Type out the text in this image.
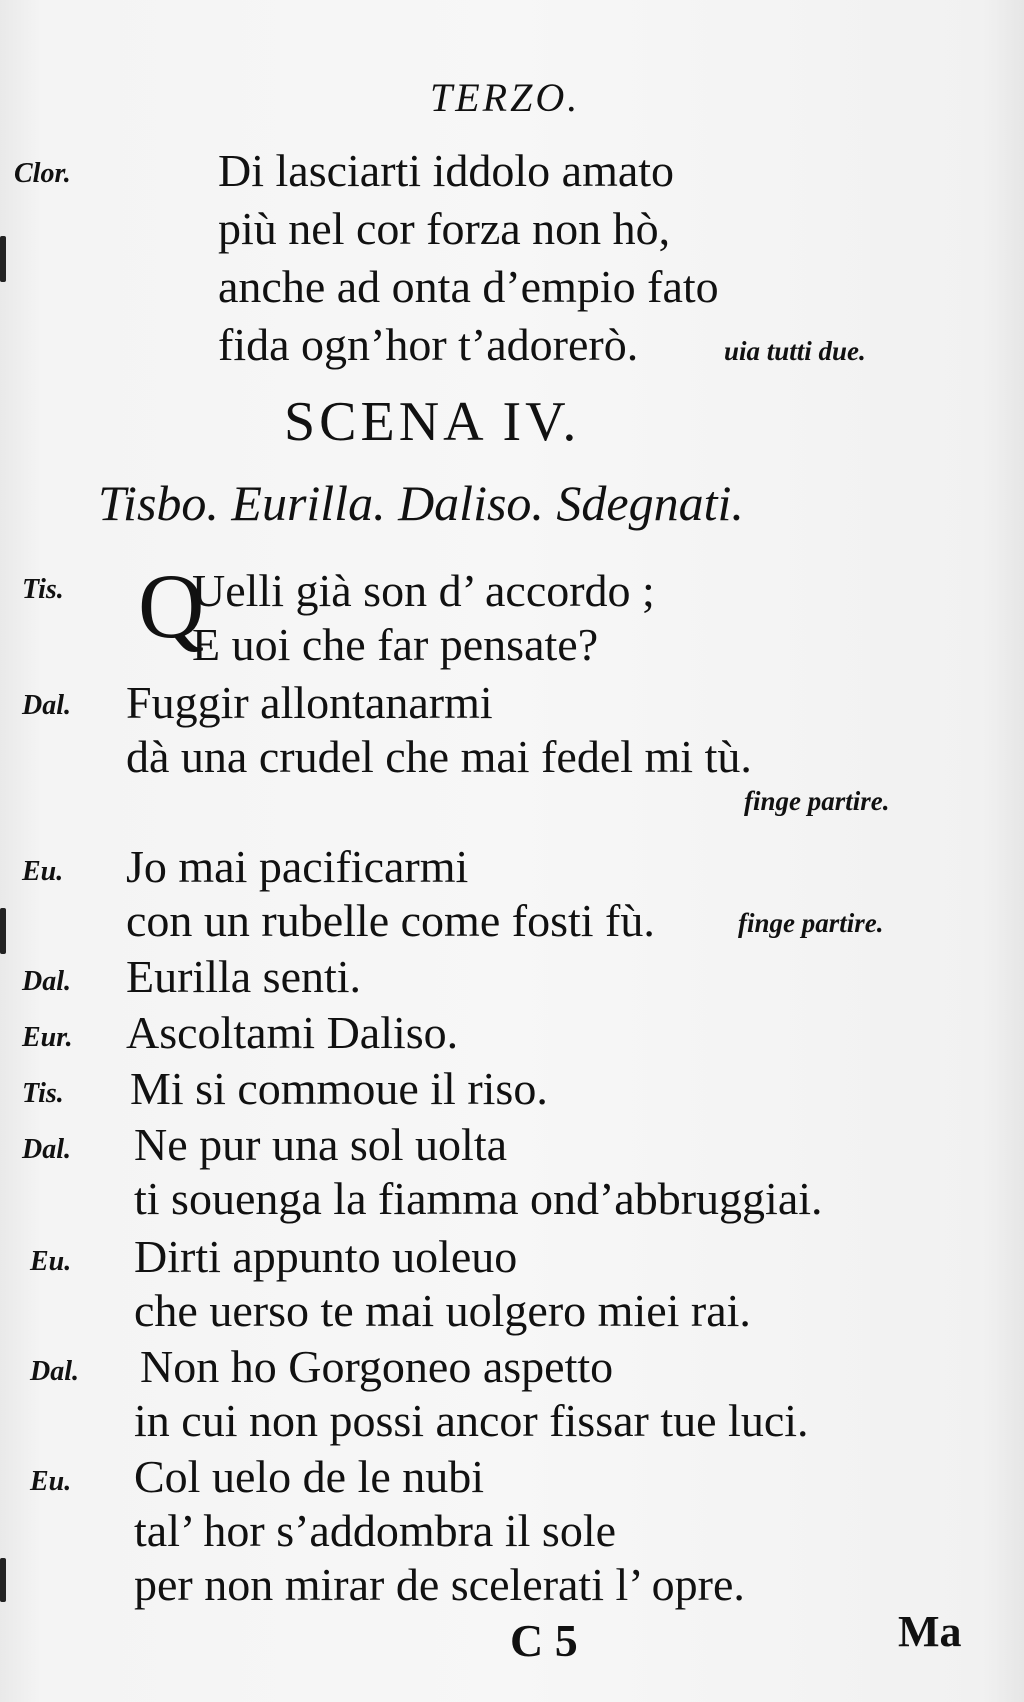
TERZO.
Clor.	Di lasciarti iddolo amato
più nel cor forza non hò,
anche ad onta d’empio fato
fida ogn’hor t’adorerò.	uia tutti due.
SCENA IV.
Tisbo. Eurilla. Daliso. Sdegnati.
Tis. Q
Uelli già son d’ accordo ;
E uoi che far pensate?
Dal. Fuggir allontanarmi
dà una crudel che mai fedel mi tù.
finge partire.
Eu. Jo mai pacificarmi
con un rubelle come fosti fù.	finge partire.
Dal. Eurilla senti.
Eur. Ascoltami Daliso.
Tis. Mi si commoue il riso.
Dal. Ne pur una sol uolta
ti souenga la fiamma ond’abbruggiai.
Eu. Dirti appunto uoleuo
che uerso te mai uolgero miei rai.
Dal. Non ho Gorgoneo aspetto
in cui non possi ancor fissar tue luci.
Eu. Col uelo de le nubi
tal’ hor s’addombra il sole
per non mirar de scelerati l’ opre.
C 5	Ma
